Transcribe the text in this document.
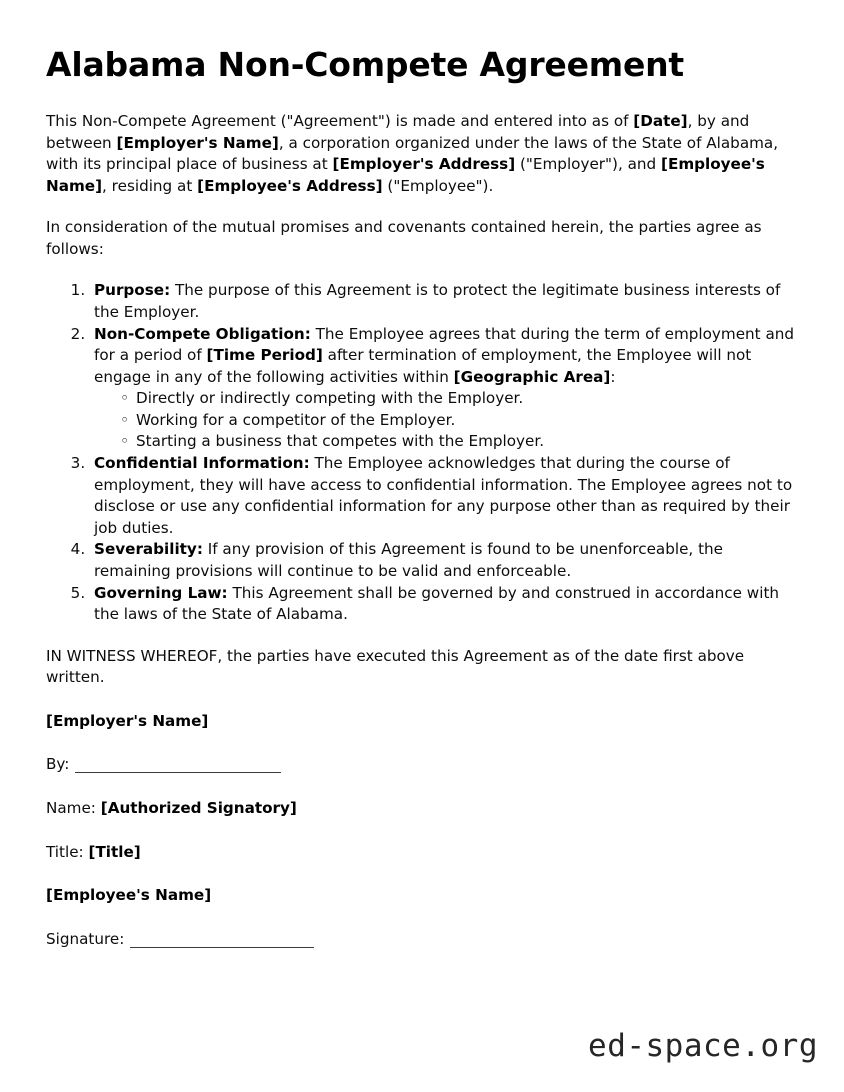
Alabama Non-Compete Agreement

This Non-Compete Agreement ("Agreement") is made and entered into as of [Date], by and between [Employer's Name], a corporation organized under the laws of the State of Alabama, with its principal place of business at [Employer's Address] ("Employer"), and [Employee's Name], residing at [Employee's Address] ("Employee").

In consideration of the mutual promises and covenants contained herein, the parties agree as follows:

1. Purpose: The purpose of this Agreement is to protect the legitimate business interests of the Employer.
2. Non-Compete Obligation: The Employee agrees that during the term of employment and for a period of [Time Period] after termination of employment, the Employee will not engage in any of the following activities within [Geographic Area]:
◦ Directly or indirectly competing with the Employer.
◦ Working for a competitor of the Employer.
◦ Starting a business that competes with the Employer.
3. Confidential Information: The Employee acknowledges that during the course of employment, they will have access to confidential information. The Employee agrees not to disclose or use any confidential information for any purpose other than as required by their job duties.
4. Severability: If any provision of this Agreement is found to be unenforceable, the remaining provisions will continue to be valid and enforceable.
5. Governing Law: This Agreement shall be governed by and construed in accordance with the laws of the State of Alabama.

IN WITNESS WHEREOF, the parties have executed this Agreement as of the date first above written.

[Employer's Name]
By:
Name: [Authorized Signatory]
Title: [Title]
[Employee's Name]
Signature:
ed-space.org
